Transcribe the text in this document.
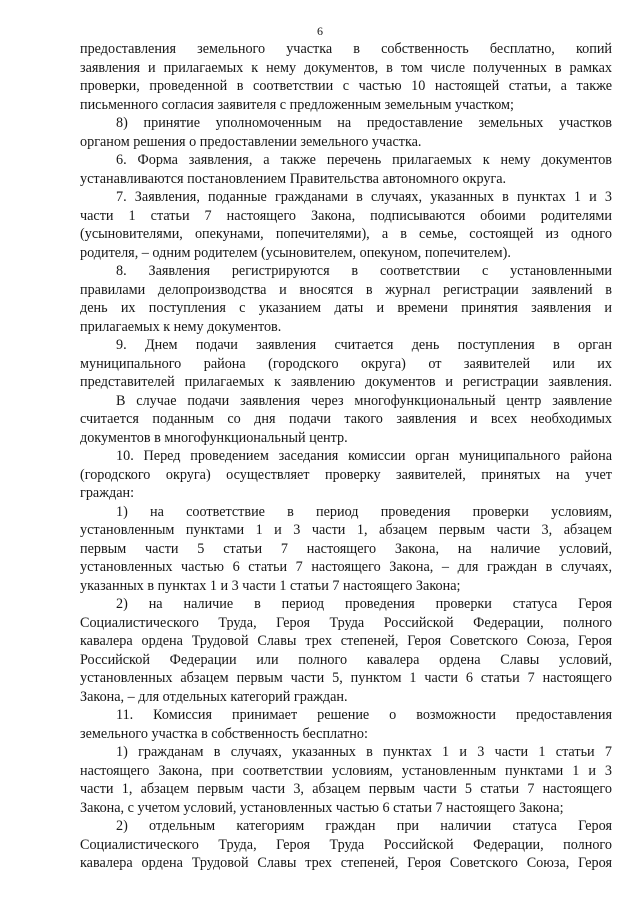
6
предоставления земельного участка в собственность бесплатно, копий
заявления и прилагаемых к нему документов, в том числе полученных в рамках
проверки, проведенной в соответствии с частью 10 настоящей статьи, а также
письменного согласия заявителя с предложенным земельным участком;
8) принятие уполномоченным на предоставление земельных участков
органом решения о предоставлении земельного участка.
6. Форма заявления, а также перечень прилагаемых к нему документов
устанавливаются постановлением Правительства автономного округа.
7. Заявления, поданные гражданами в случаях, указанных в пунктах 1 и 3
части 1 статьи 7 настоящего Закона, подписываются обоими родителями
(усыновителями, опекунами, попечителями), а в семье, состоящей из одного
родителя, – одним родителем (усыновителем, опекуном, попечителем).
8. Заявления регистрируются в соответствии с установленными
правилами делопроизводства и вносятся в журнал регистрации заявлений в
день их поступления с указанием даты и времени принятия заявления и
прилагаемых к нему документов.
9. Днем подачи заявления считается день поступления в орган
муниципального района (городского округа) от заявителей или их
представителей прилагаемых к заявлению документов и регистрации заявления.
В случае подачи заявления через многофункциональный центр заявление
считается поданным со дня подачи такого заявления и всех необходимых
документов в многофункциональный центр.
10. Перед проведением заседания комиссии орган муниципального района
(городского округа) осуществляет проверку заявителей, принятых на учет
граждан:
1) на соответствие в период проведения проверки условиям,
установленным пунктами 1 и 3 части 1, абзацем первым части 3, абзацем
первым части 5 статьи 7 настоящего Закона, на наличие условий,
установленных частью 6 статьи 7 настоящего Закона, – для граждан в случаях,
указанных в пунктах 1 и 3 части 1 статьи 7 настоящего Закона;
2) на наличие в период проведения проверки статуса Героя
Социалистического Труда, Героя Труда Российской Федерации, полного
кавалера ордена Трудовой Славы трех степеней, Героя Советского Союза, Героя
Российской Федерации или полного кавалера ордена Славы условий,
установленных абзацем первым части 5, пунктом 1 части 6 статьи 7 настоящего
Закона, – для отдельных категорий граждан.
11. Комиссия принимает решение о возможности предоставления
земельного участка в собственность бесплатно:
1) гражданам в случаях, указанных в пунктах 1 и 3 части 1 статьи 7
настоящего Закона, при соответствии условиям, установленным пунктами 1 и 3
части 1, абзацем первым части 3, абзацем первым части 5 статьи 7 настоящего
Закона, с учетом условий, установленных частью 6 статьи 7 настоящего Закона;
2) отдельным категориям граждан при наличии статуса Героя
Социалистического Труда, Героя Труда Российской Федерации, полного
кавалера ордена Трудовой Славы трех степеней, Героя Советского Союза, Героя
